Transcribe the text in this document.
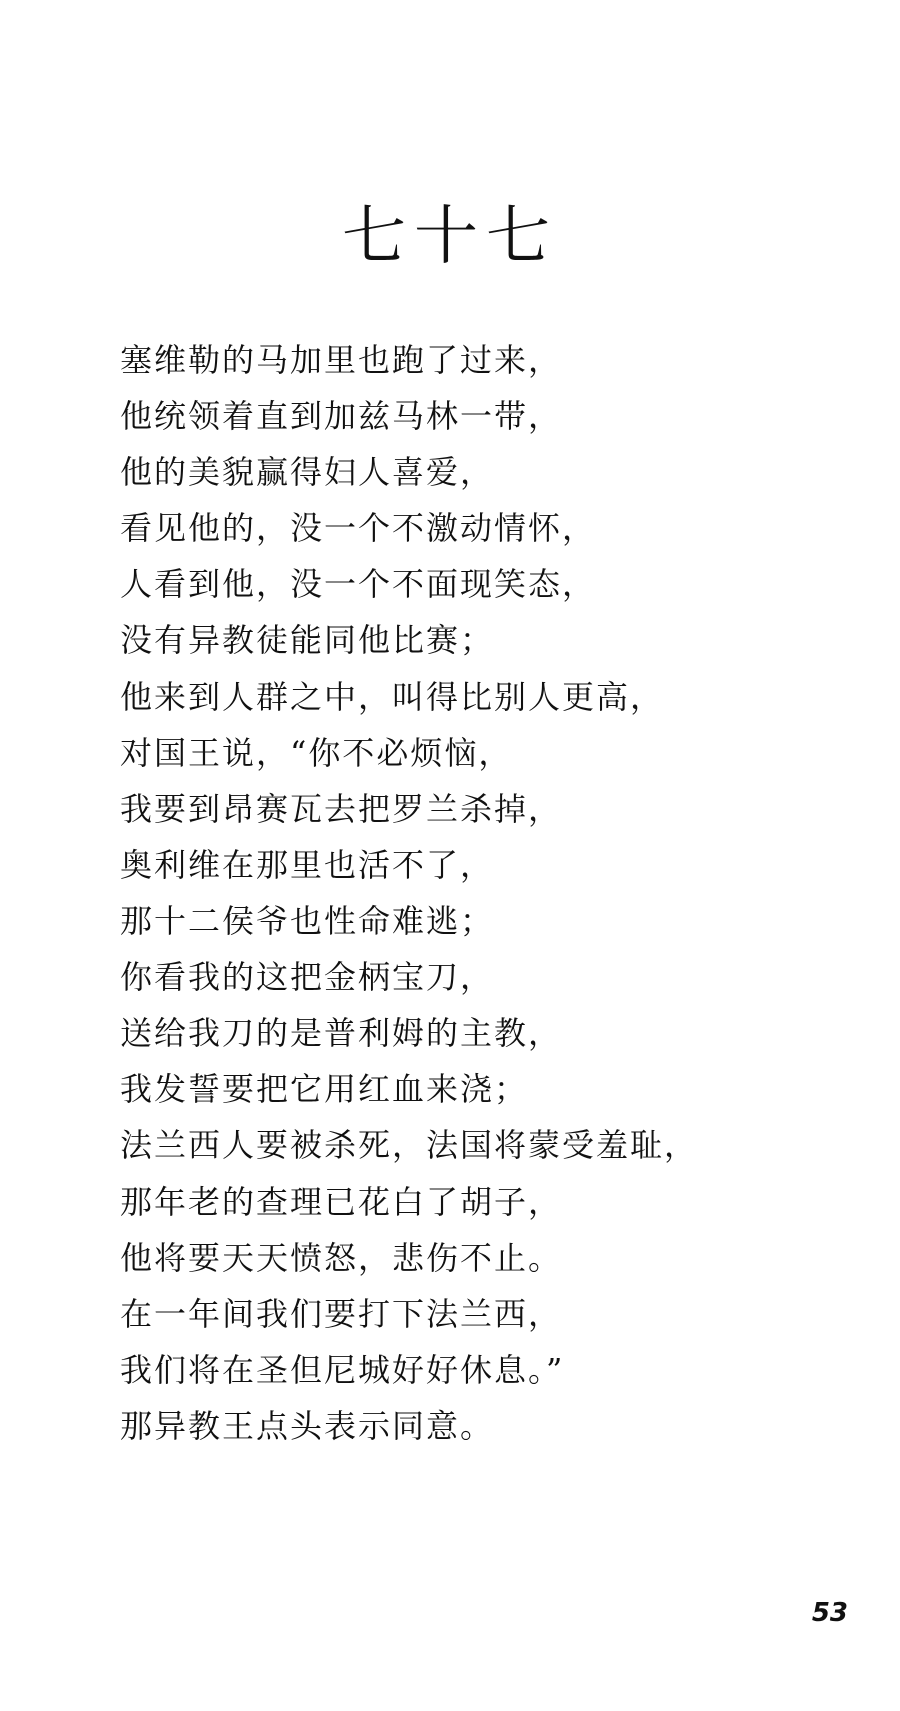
七十七
塞维勒的马加里也跑了过来，
他统领着直到加兹马林一带，
他的美貌赢得妇人喜爱，
看见他的，没一个不激动情怀，
人看到他，没一个不面现笑态，
没有异教徒能同他比赛；
他来到人群之中，叫得比别人更高，
对国王说，“你不必烦恼，
我要到昂赛瓦去把罗兰杀掉，
奥利维在那里也活不了，
那十二侯爷也性命难逃；
你看我的这把金柄宝刀，
送给我刀的是普利姆的主教，
我发誓要把它用红血来浇；
法兰西人要被杀死，法国将蒙受羞耻，
那年老的查理已花白了胡子，
他将要天天愤怒，悲伤不止。
在一年间我们要打下法兰西，
我们将在圣但尼城好好休息。”
那异教王点头表示同意。
53
